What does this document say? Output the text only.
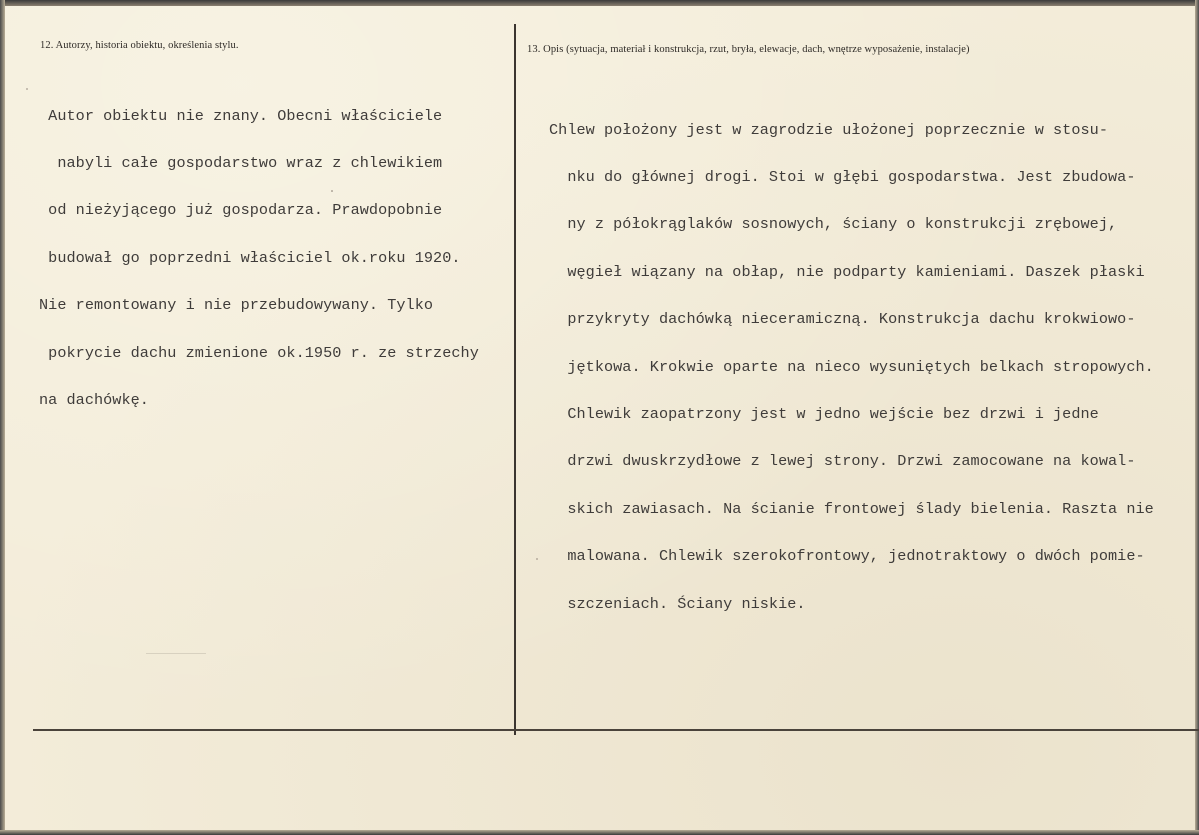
12. Autorzy, historia obiektu, określenia stylu.	13. Opis (sytuacja, materiał i konstrukcja, rzut, bryła, elewacje, dach, wnętrze wyposażenie, instalacje)

Autor obiektu nie znany. Obecni właściciele

nabyli całe gospodarstwo wraz z chlewikiem

od nieżyjącego już gospodarza. Prawdopobnie

budował go poprzedni właściciel ok.roku 1920.

Nie remontowany i nie przebudowywany. Tylko

pokrycie dachu zmienione ok.1950 r. ze strzechy

na dachówkę.

Chlew położony jest w zagrodzie ułożonej poprzecznie w stosu-

nku do głównej drogi. Stoi w głębi gospodarstwa. Jest zbudowa-

ny z półokrąglaków sosnowych, ściany o konstrukcji zrębowej,

węgieł wiązany na obłap, nie podparty kamieniami. Daszek płaski

przykryty dachówką nieceramiczną. Konstrukcja dachu krokwiowo-

jętkowa. Krokwie oparte na nieco wysuniętych belkach stropowych.

Chlewik zaopatrzony jest w jedno wejście bez drzwi i jedne

drzwi dwuskrzydłowe z lewej strony. Drzwi zamocowane na kowal-

skich zawiasach. Na ścianie frontowej ślady bielenia. Raszta nie

malowana. Chlewik szerokofrontowy, jednotraktowy o dwóch pomie-

szczeniach. Ściany niskie.
